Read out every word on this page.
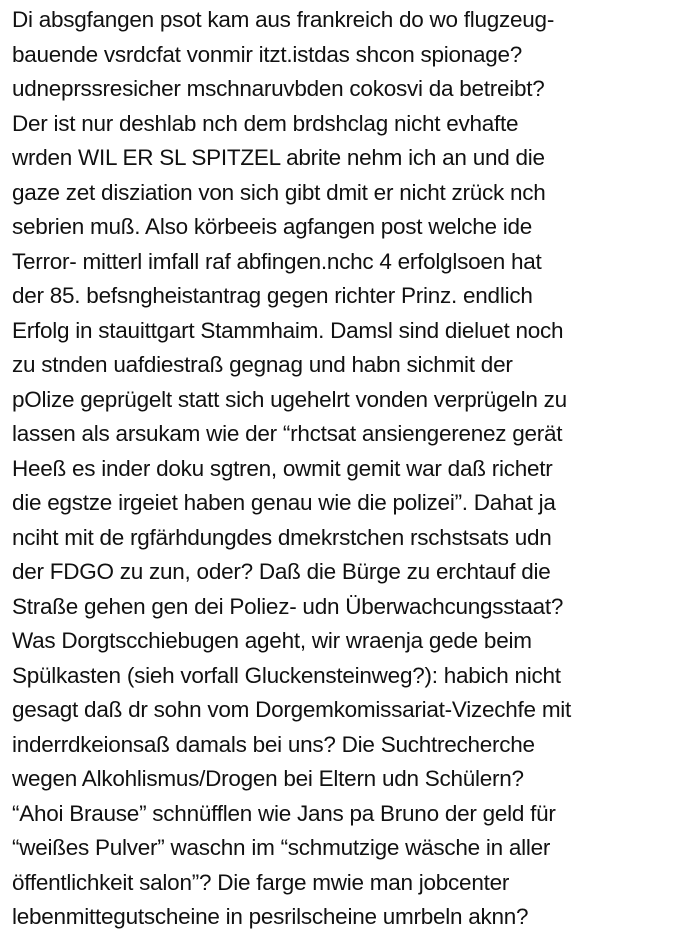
Di absgfangen psot kam aus frankreich do wo flugzeug-
bauende vsrdcfat vonmir itzt.istdas shcon spionage?
udneprssresicher mschnaruvbden cokosvi da betreibt?
Der ist nur deshlab nch dem brdshclag nicht evhafte
wrden WIL ER SL SPITZEL abrite nehm ich an und die
gaze zet disziation von sich gibt dmit er nicht zrück nch
sebrien muß. Also körbeeis agfangen post welche ide
Terror- mitterl imfall raf abfingen.nchc 4 erfolglsoen hat
der 85. befsngheistantrag gegen richter Prinz. endlich
Erfolg in stauittgart Stammhaim. Damsl sind dieluet noch
zu stnden uafdiestraß gegnag und habn sichmit der
pOlize geprügelt statt sich ugehelrt vonden verprügeln zu
lassen als arsukam wie der “rhctsat ansiengerenez gerät
Heeß es inder doku sgtren, owmit gemit war daß richetr
die egstze irgeiet haben genau wie die polizei”. Dahat ja
nciht mit de rgfärhdungdes dmekrstchen rschstsats udn
der FDGO zu zun, oder? Daß die Bürge zu erchtauf die
Straße gehen gen dei Poliez- udn Überwachcungsstaat?
Was Dorgtscchiebugen ageht, wir wraenja gede beim
Spülkasten (sieh vorfall Gluckensteinweg?): habich nicht
gesagt daß dr sohn vom Dorgemkomissariat-Vizechfe mit
inderrdkeionsaß damals bei uns? Die Suchtrecherche
wegen Alkohlismus/Drogen bei Eltern udn Schülern?
“Ahoi Brause” schnüfflen wie Jans pa Bruno der geld für
“weißes Pulver” waschn im “schmutzige wäsche in aller
öffentlichkeit salon”? Die farge mwie man jobcenter
lebenmittegutscheine in pesrilscheine umrbeln aknn?
